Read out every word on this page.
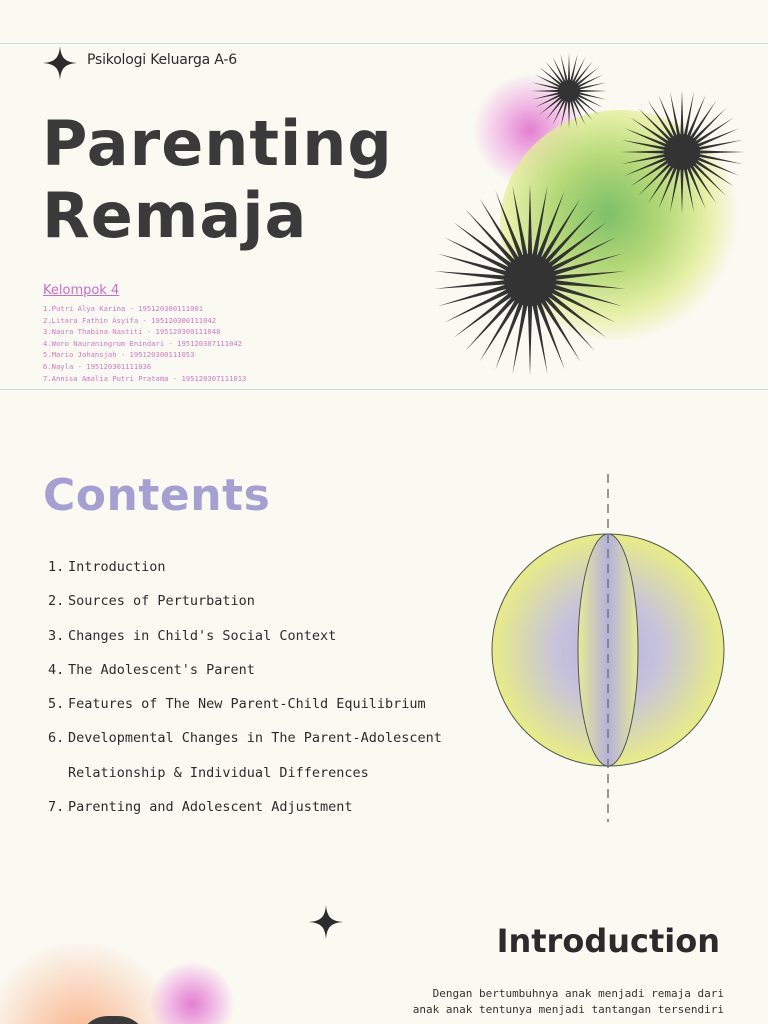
Psikologi Keluarga A-6
Parenting
Remaja
Kelompok 4
1.Putri Alya Karina - 195120300111001
2.Litara Fathin Asyifa - 195120300111042
3.Naura Thabina Nastiti - 195120300111048
4.Woro Nauraningrum Enindari - 195120307111042
5.Mario Johansjah - 195120300111053
6.Nayla - 195120301111036
7.Annisa Amalia Putri Pratama - 195120307111013
Contents
1. Introduction
2. Sources of Perturbation
3. Changes in Child's Social Context
4. The Adolescent's Parent
5. Features of The New Parent-Child Equilibrium
6. Developmental Changes in The Parent-Adolescent
Relationship & Individual Differences
7. Parenting and Adolescent Adjustment
Introduction
Dengan bertumbuhnya anak menjadi remaja dari
anak anak tentunya menjadi tantangan tersendiri
